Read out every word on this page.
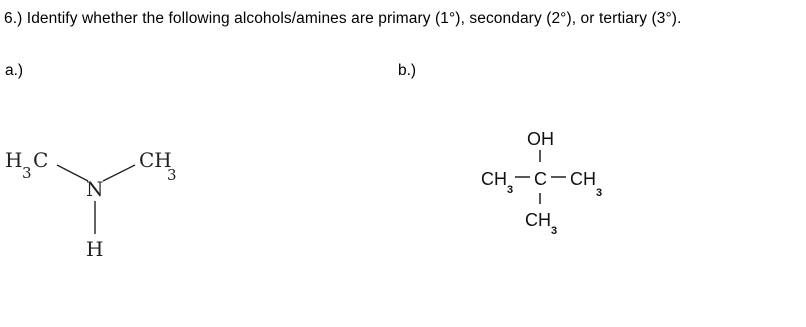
6.) Identify whether the following alcohols/amines are primary (1°), secondary (2°), or tertiary (3°).
a.)	b.)
H
3
C	CH
3
N
H
OH
CH
3
C CH
3
CH
3
